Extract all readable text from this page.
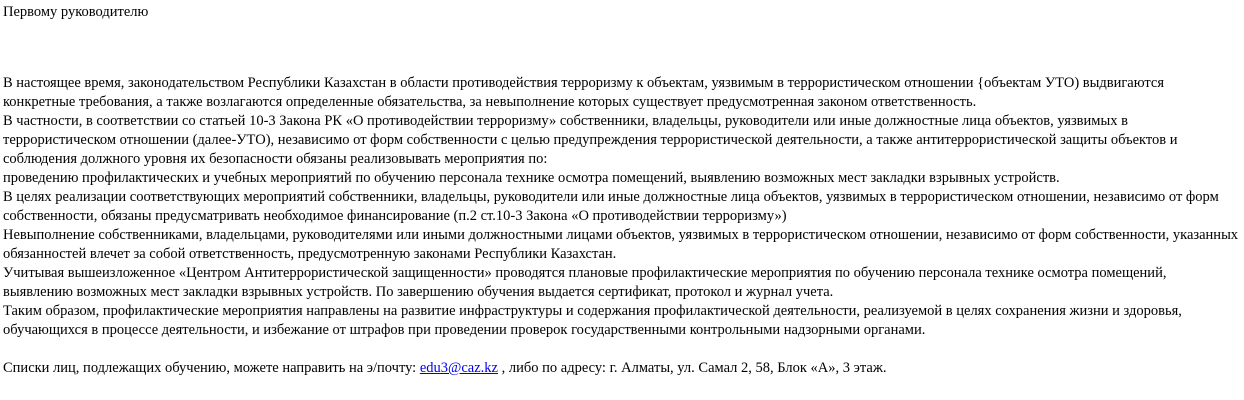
Первому руководителю

В настоящее время, законодательством Республики Казахстан в области противодействия терроризму к объектам, уязвимым в террористическом отношении {объектам УТО) выдвигаются конкретные требования, а также возлагаются определенные обязательства, за невыполнение которых существует предусмотренная законом ответственность.

В частности, в соответствии со статьей 10-3 Закона РК «О противодействии терроризму» собственники, владельцы, руководители или иные должностные лица объектов, уязвимых в террористическом отношении (далее-УТО), независимо от форм собственности с целью предупреждения террористической деятельности, а также антитеррористической защиты объектов и соблюдения должного уровня их безопасности обязаны реализовывать мероприятия по:

проведению профилактических и учебных мероприятий по обучению персонала технике осмотра помещений, выявлению возможных мест закладки взрывных устройств.

В целях реализации соответствующих мероприятий собственники, владельцы, руководители или иные должностные лица объектов, уязвимых в террористическом отношении, независимо от форм собственности, обязаны предусматривать необходимое финансирование (п.2 ст.10-3 Закона «О противодействии терроризму»)

Невыполнение собственниками, владельцами, руководителями или иными должностными лицами объектов, уязвимых в террористическом отношении, независимо от форм собственности, указанных обязанностей влечет за собой ответственность, предусмотренную законами Республики Казахстан.

Учитывая вышеизложенное «Центром Антитеррористической защищенности» проводятся плановые профилактические мероприятия по обучению персонала технике осмотра помещений, выявлению возможных мест закладки взрывных устройств. По завершению обучения выдается сертификат, протокол и журнал учета.

Таким образом, профилактические мероприятия направлены на развитие инфраструктуры и содержания профилактической деятельности, реализуемой в целях сохранения жизни и здоровья, обучающихся в процессе деятельности, и избежание от штрафов при проведении проверок государственными контрольными надзорными органами.

Списки лиц, подлежащих обучению, можете направить на э/почту: edu3@caz.kz , либо по адресу: г. Алматы, ул. Самал 2, 58, Блок «А», 3 этаж.
